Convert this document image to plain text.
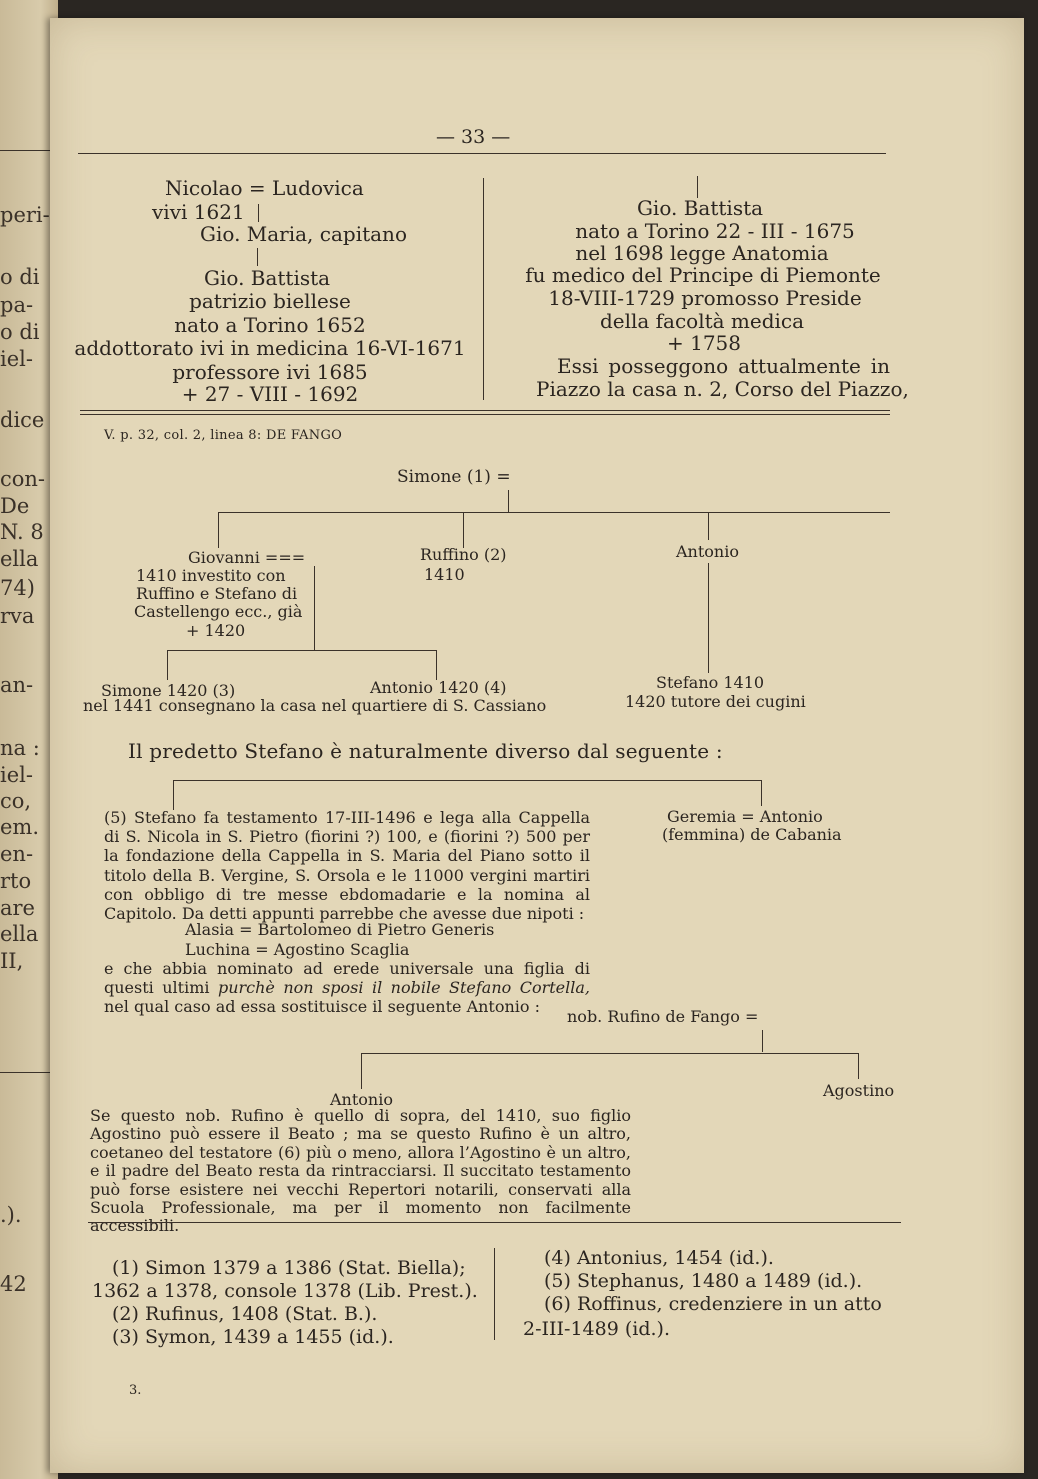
peri-
o di
pa-
o di
iel-
dice
con-
De
N. 8
ella
74)
rva
an-
na :
iel-
co,
em.
en-
rto
are
ella
II,
.).
42
— 33 —
Nicolao = Ludovica
vivi 1621
Gio. Maria, capitano
Gio. Battista
patrizio biellese
nato a Torino 1652
addottorato ivi in medicina 16-VI-1671
professore ivi 1685
+ 27 - VIII - 1692
Gio. Battista
nato a Torino 22 - III - 1675
nel 1698 legge Anatomia
fu medico del Principe di Piemonte
18-VIII-1729 promosso Preside
della facoltà medica
+ 1758
Essi posseggono attualmente in
Piazzo la casa n. 2, Corso del Piazzo,
V. p. 32, col. 2, linea 8: DE FANGO
Simone (1) =
Giovanni ===
1410 investito con
Ruffino e Stefano di
Castellengo ecc., già
+ 1420
Ruffino (2)
1410
Antonio
Simone 1420 (3)	Antonio 1420 (4)
nel 1441 consegnano la casa nel quartiere di S. Cassiano
Stefano 1410
1420 tutore dei cugini
Il predetto Stefano è naturalmente diverso dal seguente :
(5) Stefano fa testamento 17-III-1496 e lega alla Cappella di S. Nicola in S. Pietro (fiorini ?) 100, e (fiorini ?) 500 per la fondazione della Cappella in S. Maria del Piano sotto il titolo della B. Vergine, S. Orsola e le 11000 vergini martiri con obbligo di tre messe ebdomadarie e la nomina al Capitolo. Da detti appunti parrebbe che avesse due nipoti :
Alasia = Bartolomeo di Pietro Generis
Luchina = Agostino Scaglia
e che abbia nominato ad erede universale una figlia di questi ultimi purchè non sposi il nobile Stefano Cortella, nel qual caso ad essa sostituisce il seguente Antonio :
Geremia = Antonio
(femmina) de Cabania
nob. Rufino de Fango =
Antonio	Agostino
Se questo nob. Rufino è quello di sopra, del 1410, suo figlio Agostino può essere il Beato ; ma se questo Rufino è un altro, coetaneo del testatore (6) più o meno, allora l’Agostino è un altro, e il padre del Beato resta da rintracciarsi. Il succitato testamento può forse esistere nei vecchi Repertori notarili, conservati alla Scuola Professionale, ma per il momento non facilmente accessibili.
(1) Simon 1379 a 1386 (Stat. Biella);
1362 a 1378, console 1378 (Lib. Prest.).
(2) Rufinus, 1408 (Stat. B.).
(3) Symon, 1439 a 1455 (id.).
(4) Antonius, 1454 (id.).
(5) Stephanus, 1480 a 1489 (id.).
(6) Roffinus, credenziere in un atto
2-III-1489 (id.).
3.
